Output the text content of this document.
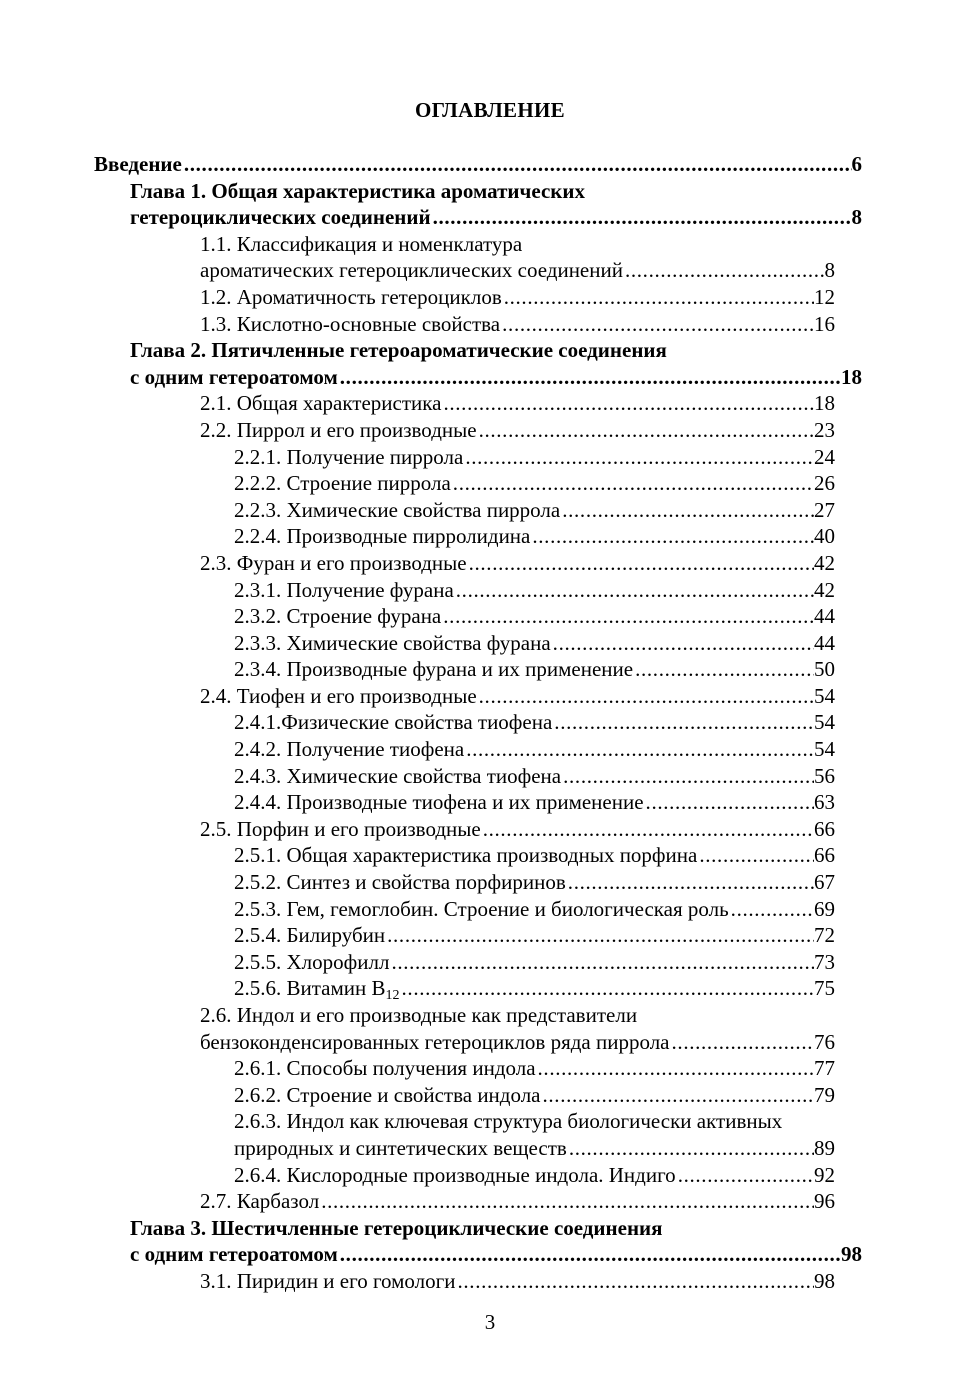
ОГЛАВЛЕНИЕ
Введение . . .	6
Глава 1. Общая характеристика ароматических
гетероциклических соединений . . .	8
1.1. Классификация и номенклатура
ароматических гетероциклических соединений . . .	8
1.2. Ароматичность гетероциклов . . .	12
1.3. Кислотно-основные свойства . . .	16
Глава 2. Пятичленные гетероароматические соединения
с одним гетероатомом . . .	18
2.1. Общая характеристика . . .	18
2.2. Пиррол и его производные . . .	23
2.2.1. Получение пиррола . . .	24
2.2.2. Строение пиррола . . .	26
2.2.3. Химические свойства пиррола . . .	27
2.2.4. Производные пирролидина . . .	40
2.3. Фуран и его производные . . .	42
2.3.1. Получение фурана . . .	42
2.3.2. Строение фурана . . .	44
2.3.3. Химические свойства фурана . . .	44
2.3.4. Производные фурана и их применение . . .	50
2.4. Тиофен и его производные . . .	54
2.4.1.Физические свойства тиофена . . .	54
2.4.2. Получение тиофена . . .	54
2.4.3. Химические свойства тиофена . . .	56
2.4.4. Производные тиофена и их применение . . .	63
2.5. Порфин и его производные . . .	66
2.5.1. Общая характеристика производных порфина . . .	66
2.5.2. Синтез и свойства порфиринов . . .	67
2.5.3. Гем, гемоглобин. Строение и биологическая роль . . .	69
2.5.4. Билирубин . . .	72
2.5.5. Хлорофилл . . .	73
2.5.6. Витамин $B_{12}$ . . .	75
2.6. Индол и его производные как представители
бензоконденсированных гетероциклов ряда пиррола . . .	76
2.6.1. Способы получения индола . . .	77
2.6.2. Строение и свойства индола . . .	79
2.6.3. Индол как ключевая структура биологически активных
природных и синтетических веществ . . .	89
2.6.4. Кислородные производные индола. Индиго . . .	92
2.7. Карбазол . . .	96
Глава 3. Шестичленные гетероциклические соединения
с одним гетероатомом . . .	98
3.1. Пиридин и его гомологи . . .	98
3
